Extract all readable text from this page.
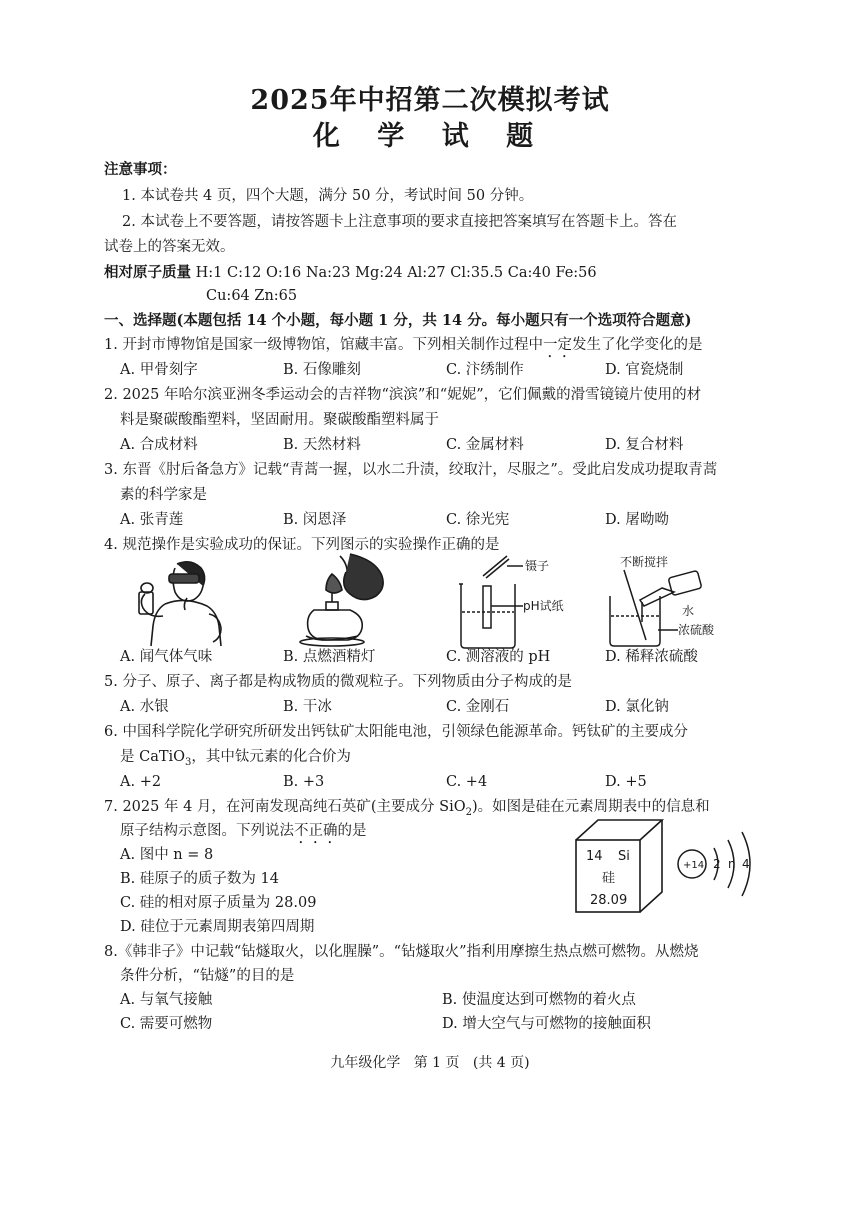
2025年中招第二次模拟考试
化 学 试 题
注意事项：
1. 本试卷共 4 页，四个大题，满分 50 分，考试时间 50 分钟。
2. 本试卷上不要答题，请按答题卡上注意事项的要求直接把答案填写在答题卡上。答在
试卷上的答案无效。
相对原子质量 H:1 C:12 O:16 Na:23 Mg:24 Al:27 Cl:35.5 Ca:40 Fe:56
Cu:64 Zn:65
一、选择题(本题包括 14 个小题，每小题 1 分，共 14 分。每小题只有一个选项符合题意)
1. 开封市博物馆是国家一级博物馆，馆藏丰富。下列相关制作过程中一定发生了化学变化的是
A. 甲骨刻字	B. 石像雕刻	C. 汴绣制作	D. 官瓷烧制
2. 2025 年哈尔滨亚洲冬季运动会的吉祥物“滨滨”和“妮妮”，它们佩戴的滑雪镜镜片使用的材
料是聚碳酸酯塑料，坚固耐用。聚碳酸酯塑料属于
A. 合成材料	B. 天然材料	C. 金属材料	D. 复合材料
3. 东晋《肘后备急方》记载“青蒿一握，以水二升渍，绞取汁，尽服之”。受此启发成功提取青蒿
素的科学家是
A. 张青莲	B. 闵恩泽	C. 徐光宪	D. 屠呦呦
4. 规范操作是实验成功的保证。下列图示的实验操作正确的是
镊子
pH试纸
不断搅拌
水
浓硫酸
A. 闻气体气味	B. 点燃酒精灯	C. 测溶液的 pH	D. 稀释浓硫酸
5. 分子、原子、离子都是构成物质的微观粒子。下列物质由分子构成的是
A. 水银	B. 干冰	C. 金刚石	D. 氯化钠
6. 中国科学院化学研究所研发出钙钛矿太阳能电池，引领绿色能源革命。钙钛矿的主要成分
是 CaTiO$_3$，其中钛元素的化合价为
A. +2	B. +3	C. +4	D. +5
7. 2025 年 4 月，在河南发现高纯石英矿(主要成分 SiO$_2$)。如图是硅在元素周期表中的信息和
原子结构示意图。下列说法不正确的是
A. 图中 n = 8
B. 硅原子的质子数为 14
C. 硅的相对原子质量为 28.09
D. 硅位于元素周期表第四周期
14 Si
硅
28.09
+14 2 n 4
8.《韩非子》中记载“钻燧取火，以化腥臊”。“钻燧取火”指利用摩擦生热点燃可燃物。从燃烧
条件分析，“钻燧”的目的是
A. 与氧气接触	B. 使温度达到可燃物的着火点
C. 需要可燃物	D. 增大空气与可燃物的接触面积
九年级化学   第 1 页   (共 4 页)
